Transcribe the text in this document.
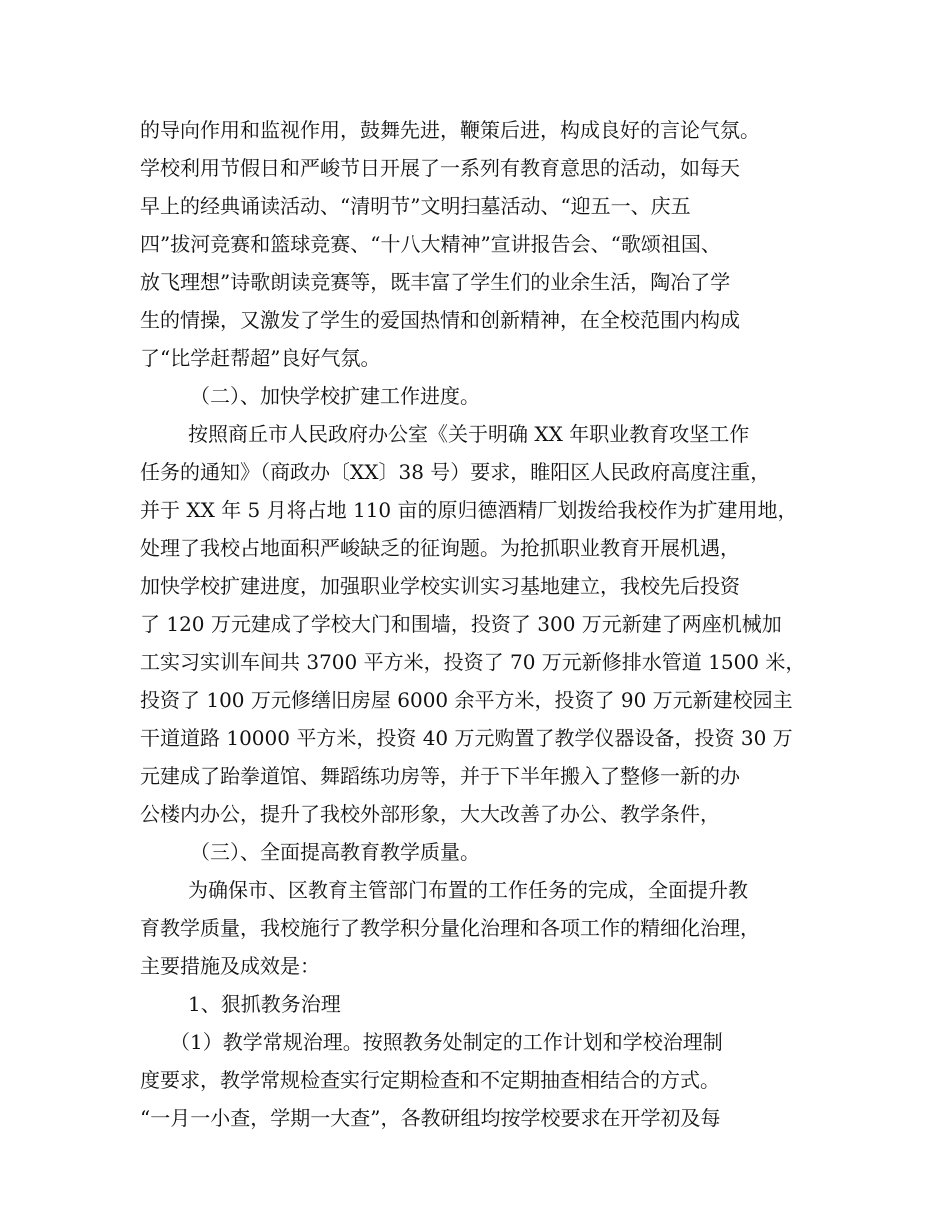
的导向作用和监视作用，鼓舞先进，鞭策后进，构成良好的言论气氛。
学校利用节假日和严峻节日开展了一系列有教育意思的活动，如每天
早上的经典诵读活动、“清明节”文明扫墓活动、“迎五一、庆五
四”拔河竞赛和篮球竞赛、“十八大精神”宣讲报告会、“歌颂祖国、
放飞理想”诗歌朗读竞赛等，既丰富了学生们的业余生活，陶冶了学
生的情操，又激发了学生的爱国热情和创新精神，在全校范围内构成
了“比学赶帮超”良好气氛。
（二）、加快学校扩建工作进度。
按照商丘市人民政府办公室《关于明确 XX 年职业教育攻坚工作
任务的通知》（商政办〔XX〕38 号）要求，睢阳区人民政府高度注重，
并于 XX 年 5 月将占地 110 亩的原归德酒精厂划拨给我校作为扩建用地，
处理了我校占地面积严峻缺乏的征询题。为抢抓职业教育开展机遇，
加快学校扩建进度，加强职业学校实训实习基地建立，我校先后投资
了 120 万元建成了学校大门和围墙，投资了 300 万元新建了两座机械加
工实习实训车间共 3700 平方米，投资了 70 万元新修排水管道 1500 米，
投资了 100 万元修缮旧房屋 6000 余平方米，投资了 90 万元新建校园主
干道道路 10000 平方米，投资 40 万元购置了教学仪器设备，投资 30 万
元建成了跆拳道馆、舞蹈练功房等，并于下半年搬入了整修一新的办
公楼内办公，提升了我校外部形象，大大改善了办公、教学条件，
（三）、全面提高教育教学质量。
为确保市、区教育主管部门布置的工作任务的完成，全面提升教
育教学质量，我校施行了教学积分量化治理和各项工作的精细化治理，
主要措施及成效是：
1、狠抓教务治理
（1）教学常规治理。按照教务处制定的工作计划和学校治理制
度要求，教学常规检查实行定期检查和不定期抽查相结合的方式。
“一月一小查，学期一大查”，各教研组均按学校要求在开学初及每
